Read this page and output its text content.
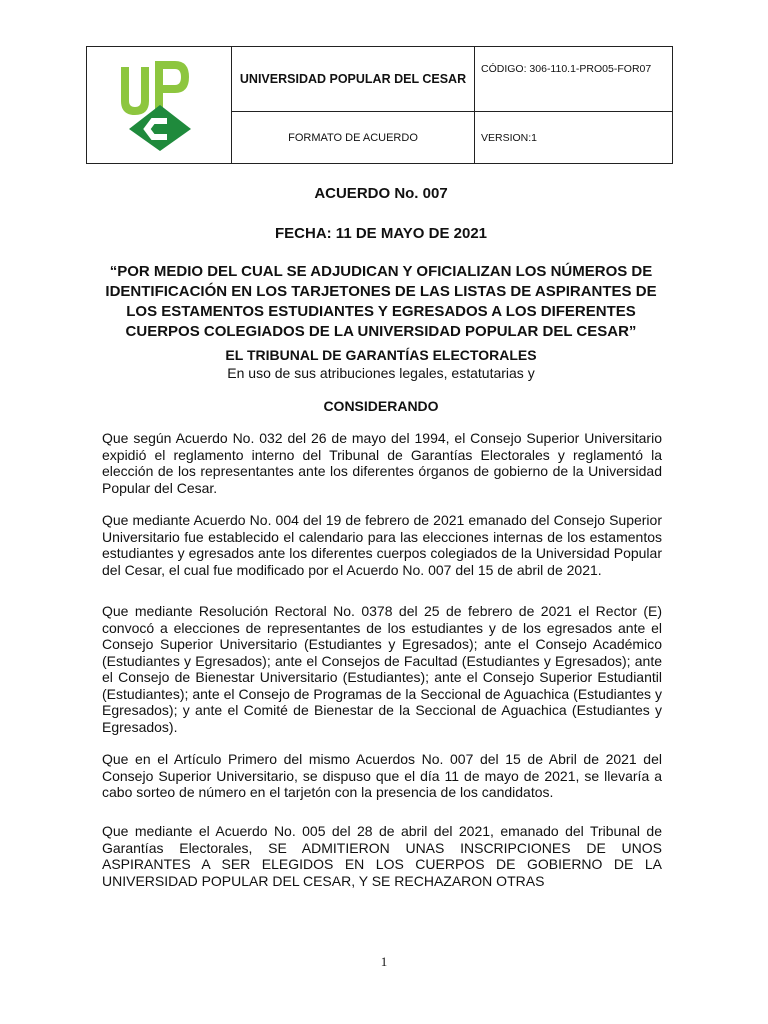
UNIVERSIDAD POPULAR DEL CESAR
CÓDIGO: 306-110.1-PRO05-FOR07
FORMATO DE ACUERDO	VERSION:1
ACUERDO No. 007
FECHA: 11 DE MAYO DE 2021
“POR MEDIO DEL CUAL SE ADJUDICAN Y OFICIALIZAN LOS NÚMEROS DE
IDENTIFICACIÓN EN LOS TARJETONES DE LAS LISTAS DE ASPIRANTES DE
LOS ESTAMENTOS ESTUDIANTES Y EGRESADOS A LOS DIFERENTES
CUERPOS COLEGIADOS DE LA UNIVERSIDAD POPULAR DEL CESAR”
EL TRIBUNAL DE GARANTÍAS ELECTORALES
En uso de sus atribuciones legales, estatutarias y
CONSIDERANDO
Que según Acuerdo No. 032 del 26 de mayo del 1994, el Consejo Superior Universitario expidió el reglamento interno del Tribunal de Garantías Electorales y reglamentó la elección de los representantes ante los diferentes órganos de gobierno de la Universidad Popular del Cesar.
Que mediante Acuerdo No. 004 del 19 de febrero de 2021 emanado del Consejo Superior Universitario fue establecido el calendario para las elecciones internas de los estamentos estudiantes y egresados ante los diferentes cuerpos colegiados de la Universidad Popular del Cesar, el cual fue modificado por el Acuerdo No. 007 del 15 de abril de 2021.
Que mediante Resolución Rectoral No. 0378 del 25 de febrero de 2021 el Rector (E) convocó a elecciones de representantes de los estudiantes y de los egresados ante el Consejo Superior Universitario (Estudiantes y Egresados); ante el Consejo Académico (Estudiantes y Egresados); ante el Consejos de Facultad (Estudiantes y Egresados); ante el Consejo de Bienestar Universitario (Estudiantes); ante el Consejo Superior Estudiantil (Estudiantes); ante el Consejo de Programas de la Seccional de Aguachica (Estudiantes y Egresados); y ante el Comité de Bienestar de la Seccional de Aguachica (Estudiantes y Egresados).
Que en el Artículo Primero del mismo Acuerdos No. 007 del 15 de Abril de 2021 del Consejo Superior Universitario, se dispuso que el día 11 de mayo de 2021, se llevaría a cabo sorteo de número en el tarjetón con la presencia de los candidatos.
Que mediante el Acuerdo No. 005 del 28 de abril del 2021, emanado del Tribunal de Garantías Electorales, SE ADMITIERON UNAS INSCRIPCIONES DE UNOS ASPIRANTES A SER ELEGIDOS EN LOS CUERPOS DE GOBIERNO DE LA UNIVERSIDAD POPULAR DEL CESAR, Y SE RECHAZARON OTRAS
1
